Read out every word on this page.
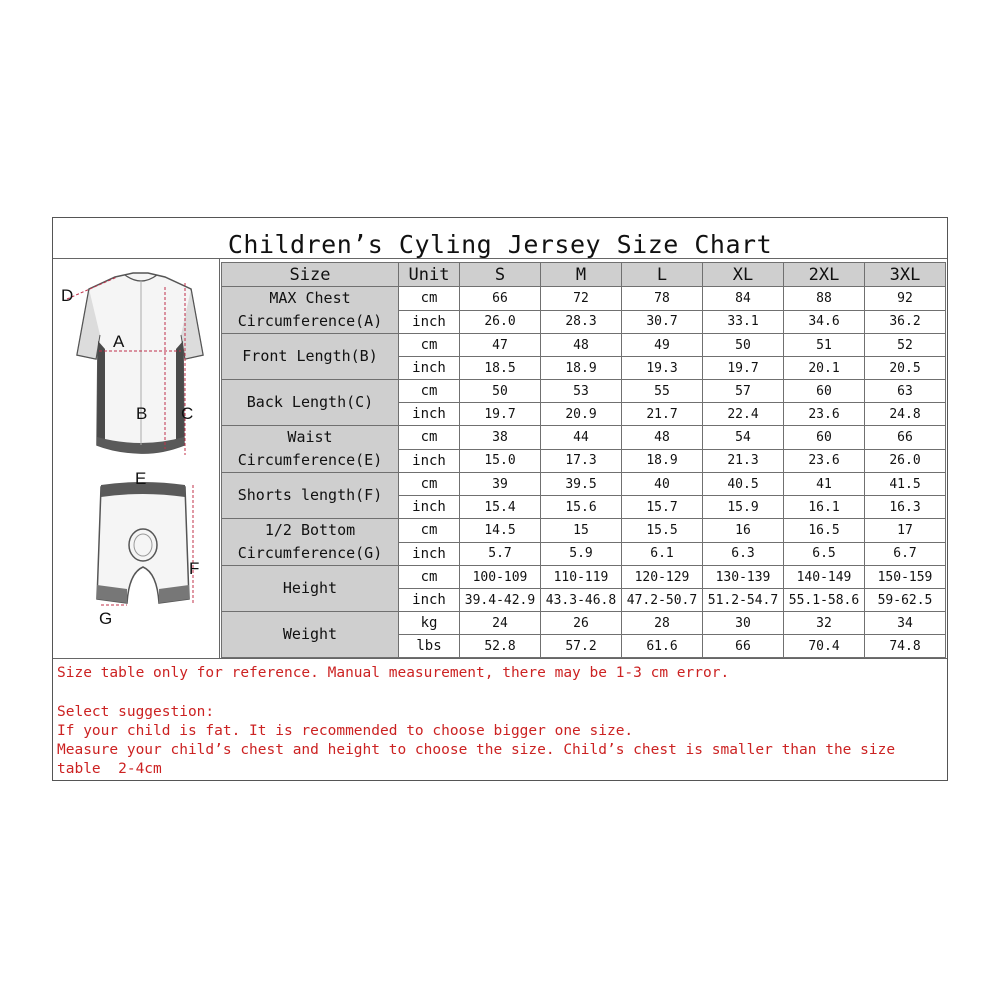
Children’s Cyling Jersey Size Chart
D
A
B C
E
F
G
Size	Unit	S	M	L	XL	2XL	3XL

MAX Chest
Circumference(A)	cm	66	72	78	84	88	92
	inch	26.0	28.3	30.7	33.1	34.6	36.2

Front Length(B)	cm	47	48	49	50	51	52
	inch	18.5	18.9	19.3	19.7	20.1	20.5

Back Length(C)	cm	50	53	55	57	60	63
	inch	19.7	20.9	21.7	22.4	23.6	24.8

Waist
Circumference(E)	cm	38	44	48	54	60	66
	inch	15.0	17.3	18.9	21.3	23.6	26.0

Shorts length(F)	cm	39	39.5	40	40.5	41	41.5
	inch	15.4	15.6	15.7	15.9	16.1	16.3

1/2 Bottom
Circumference(G)	cm	14.5	15	15.5	16	16.5	17
	inch	5.7	5.9	6.1	6.3	6.5	6.7

Height	cm	100-109	110-119	120-129	130-139	140-149	150-159
	inch	39.4-42.9	43.3-46.8	47.2-50.7	51.2-54.7	55.1-58.6	59-62.5

Weight	kg	24	26	28	30	32	34
	lbs	52.8	57.2	61.6	66	70.4	74.8
Size table only for reference. Manual measurement, there may be 1-3 cm error.
Select suggestion:
If your child is fat. It is recommended to choose bigger one size.
Measure your child’s chest and height to choose the size. Child’s chest is smaller than the size
table  2-4cm
